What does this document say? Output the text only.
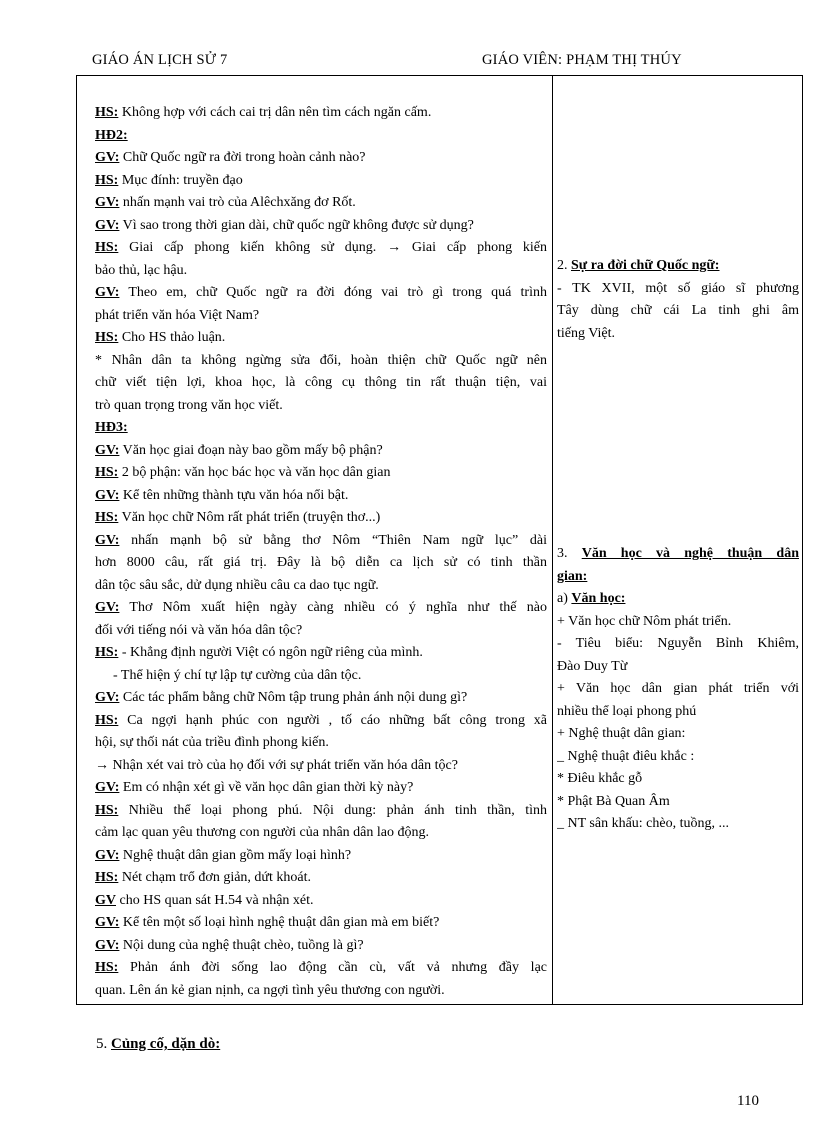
GIÁO ÁN LỊCH SỬ 7	GIÁO VIÊN: PHẠM THỊ THÚY
HS: Không hợp với cách cai trị dân nên tìm cách ngăn cấm.
HĐ2:
GV: Chữ Quốc ngữ ra đời trong hoàn cảnh nào?
HS: Mục đính: truyền đạo
GV: nhấn mạnh vai trò của Alêchxăng đơ Rốt.
GV: Vì sao trong thời gian dài, chữ quốc ngữ không được sử dụng?
HS: Giai cấp phong kiến không sử dụng. → Giai cấp phong kiến
bảo thủ, lạc hậu.
GV: Theo em, chữ Quốc ngữ ra đời đóng vai trò gì trong quá trình
phát triển văn hóa Việt Nam?
HS: Cho HS thảo luận.
* Nhân dân ta không ngừng sửa đổi, hoàn thiện chữ Quốc ngữ nên
chữ viết tiện lợi, khoa học, là công cụ thông tin rất thuận tiện, vai
trò quan trọng trong văn học viết.
HĐ3:
GV: Văn học giai đoạn này bao gồm mấy bộ phận?
HS: 2 bộ phận: văn học bác học và văn học dân gian
GV: Kể tên những thành tựu văn hóa nổi bật.
HS: Văn học chữ Nôm rất phát triển (truyện thơ...)
GV: nhấn mạnh bộ sử bằng thơ Nôm “Thiên Nam ngữ lục” dài
hơn 8000 câu, rất giá trị. Đây là bộ diễn ca lịch sử có tinh thần
dân tộc sâu sắc, dử dụng nhiều câu ca dao tục ngữ.
GV: Thơ Nôm xuất hiện ngày càng nhiều có ý nghĩa như thế nào
đối với tiếng nói và văn hóa dân tộc?
HS: - Khẳng định người Việt có ngôn ngữ riêng của mình.
- Thể hiện ý chí tự lập tự cường của dân tộc.
GV: Các tác phẩm bằng chữ Nôm tập trung phản ánh nội dung gì?
HS: Ca ngợi hạnh phúc con người , tố cáo những bất công trong xã
hội, sự thối nát của triều đình phong kiến.
→ Nhận xét vai trò của họ đối với sự phát triển văn hóa dân tộc?
GV: Em có nhận xét gì về văn học dân gian thời kỳ này?
HS: Nhiều thể loại phong phú. Nội dung: phản ánh tinh thần, tình
cảm lạc quan yêu thương con người của nhân dân lao động.
GV: Nghệ thuật dân gian gồm mấy loại hình?
HS: Nét chạm trổ đơn giản, dứt khoát.
GV cho HS quan sát H.54 và nhận xét.
GV: Kể tên một số loại hình nghệ thuật dân gian mà em biết?
GV: Nội dung của nghệ thuật chèo, tuồng là gì?
HS: Phản ánh đời sống lao động cần cù, vất vả nhưng đầy lạc
quan. Lên án kẻ gian nịnh, ca ngợi tình yêu thương con người.
2. Sự ra đời chữ Quốc ngữ:
- TK XVII, một số giáo sĩ phương
Tây dùng chữ cái La tinh ghi âm
tiếng Việt.
3. Văn học và nghệ thuận dân
gian:
a) Văn học:
+ Văn học chữ Nôm phát triển.
- Tiêu biểu: Nguyễn Bỉnh Khiêm,
Đào Duy Từ
+ Văn học dân gian phát triển với
nhiều thể loại phong phú
+ Nghệ thuật dân gian:
_ Nghệ thuật điêu khắc :
* Điêu khắc gỗ
* Phật Bà Quan Âm
_ NT sân khấu: chèo, tuồng, ...
5. Củng cố, dặn dò:
110
